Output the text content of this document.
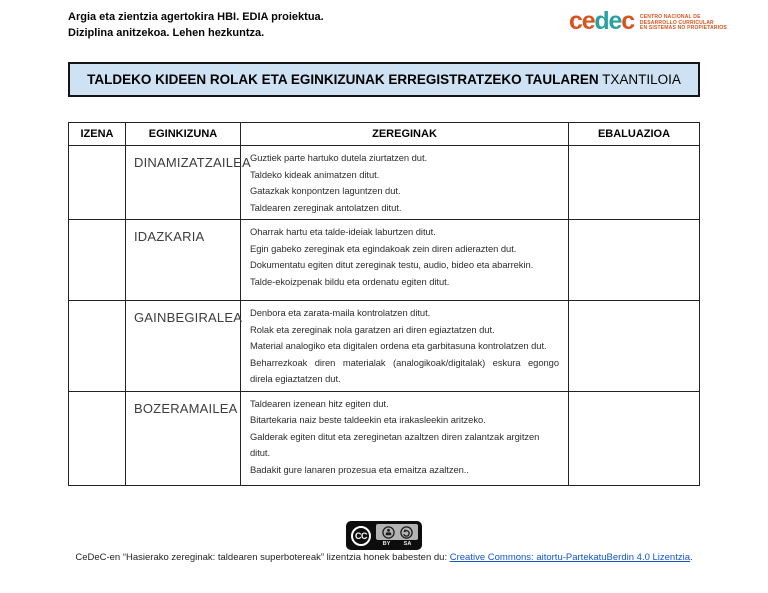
Argia eta zientzia agertokira HBI. EDIA proiektua.
Diziplina anitzekoa. Lehen hezkuntza.	cedec CENTRO NACIONAL DE
DESARROLLO CURRICULAR
EN SISTEMAS NO PROPIETARIOS
TALDEKO KIDEEN ROLAK ETA EGINKIZUNAK ERREGISTRATZEKO TAULAREN TXANTILOIA
IZENA	EGINKIZUNA	ZEREGINAK	EBALUAZIOA
	DINAMIZATZAILEA	Guztiek parte hartuko dutela ziurtatzen dut.
Taldeko kideak animatzen ditut.
Gatazkak konpontzen laguntzen dut.
Taldearen zereginak antolatzen ditut.	

	IDAZKARIA	Oharrak hartu eta talde-ideiak laburtzen ditut.
Egin gabeko zereginak eta egindakoak zein diren adierazten dut.
Dokumentatu egiten ditut zereginak testu, audio, bideo eta abarrekin.
Talde-ekoizpenak bildu eta ordenatu egiten ditut.	

	GAINBEGIRALEA	Denbora eta zarata-maila kontrolatzen ditut.
Rolak eta zereginak nola garatzen ari diren egiaztatzen dut.
Material analogiko eta digitalen ordena eta garbitasuna kontrolatzen dut.
Beharrezkoak diren materialak (analogikoak/digitalak) eskura egongo direla egiaztatzen dut.	

	BOZERAMAILEA	Taldearen izenean hitz egiten dut.
Bitartekaria naiz beste taldeekin eta irakasleekin aritzeko.
Galderak egiten ditut eta zereginetan azaltzen diren zalantzak argitzen ditut.
Badakit gure lanaren prozesua eta emaitza azaltzen..	

CC
BY SA
CeDeC-en “Hasierako zereginak: taldearen superbotereak” lizentzia honek babesten du: Creative Commons: aitortu-PartekatuBerdin 4.0 Lizentzia.
